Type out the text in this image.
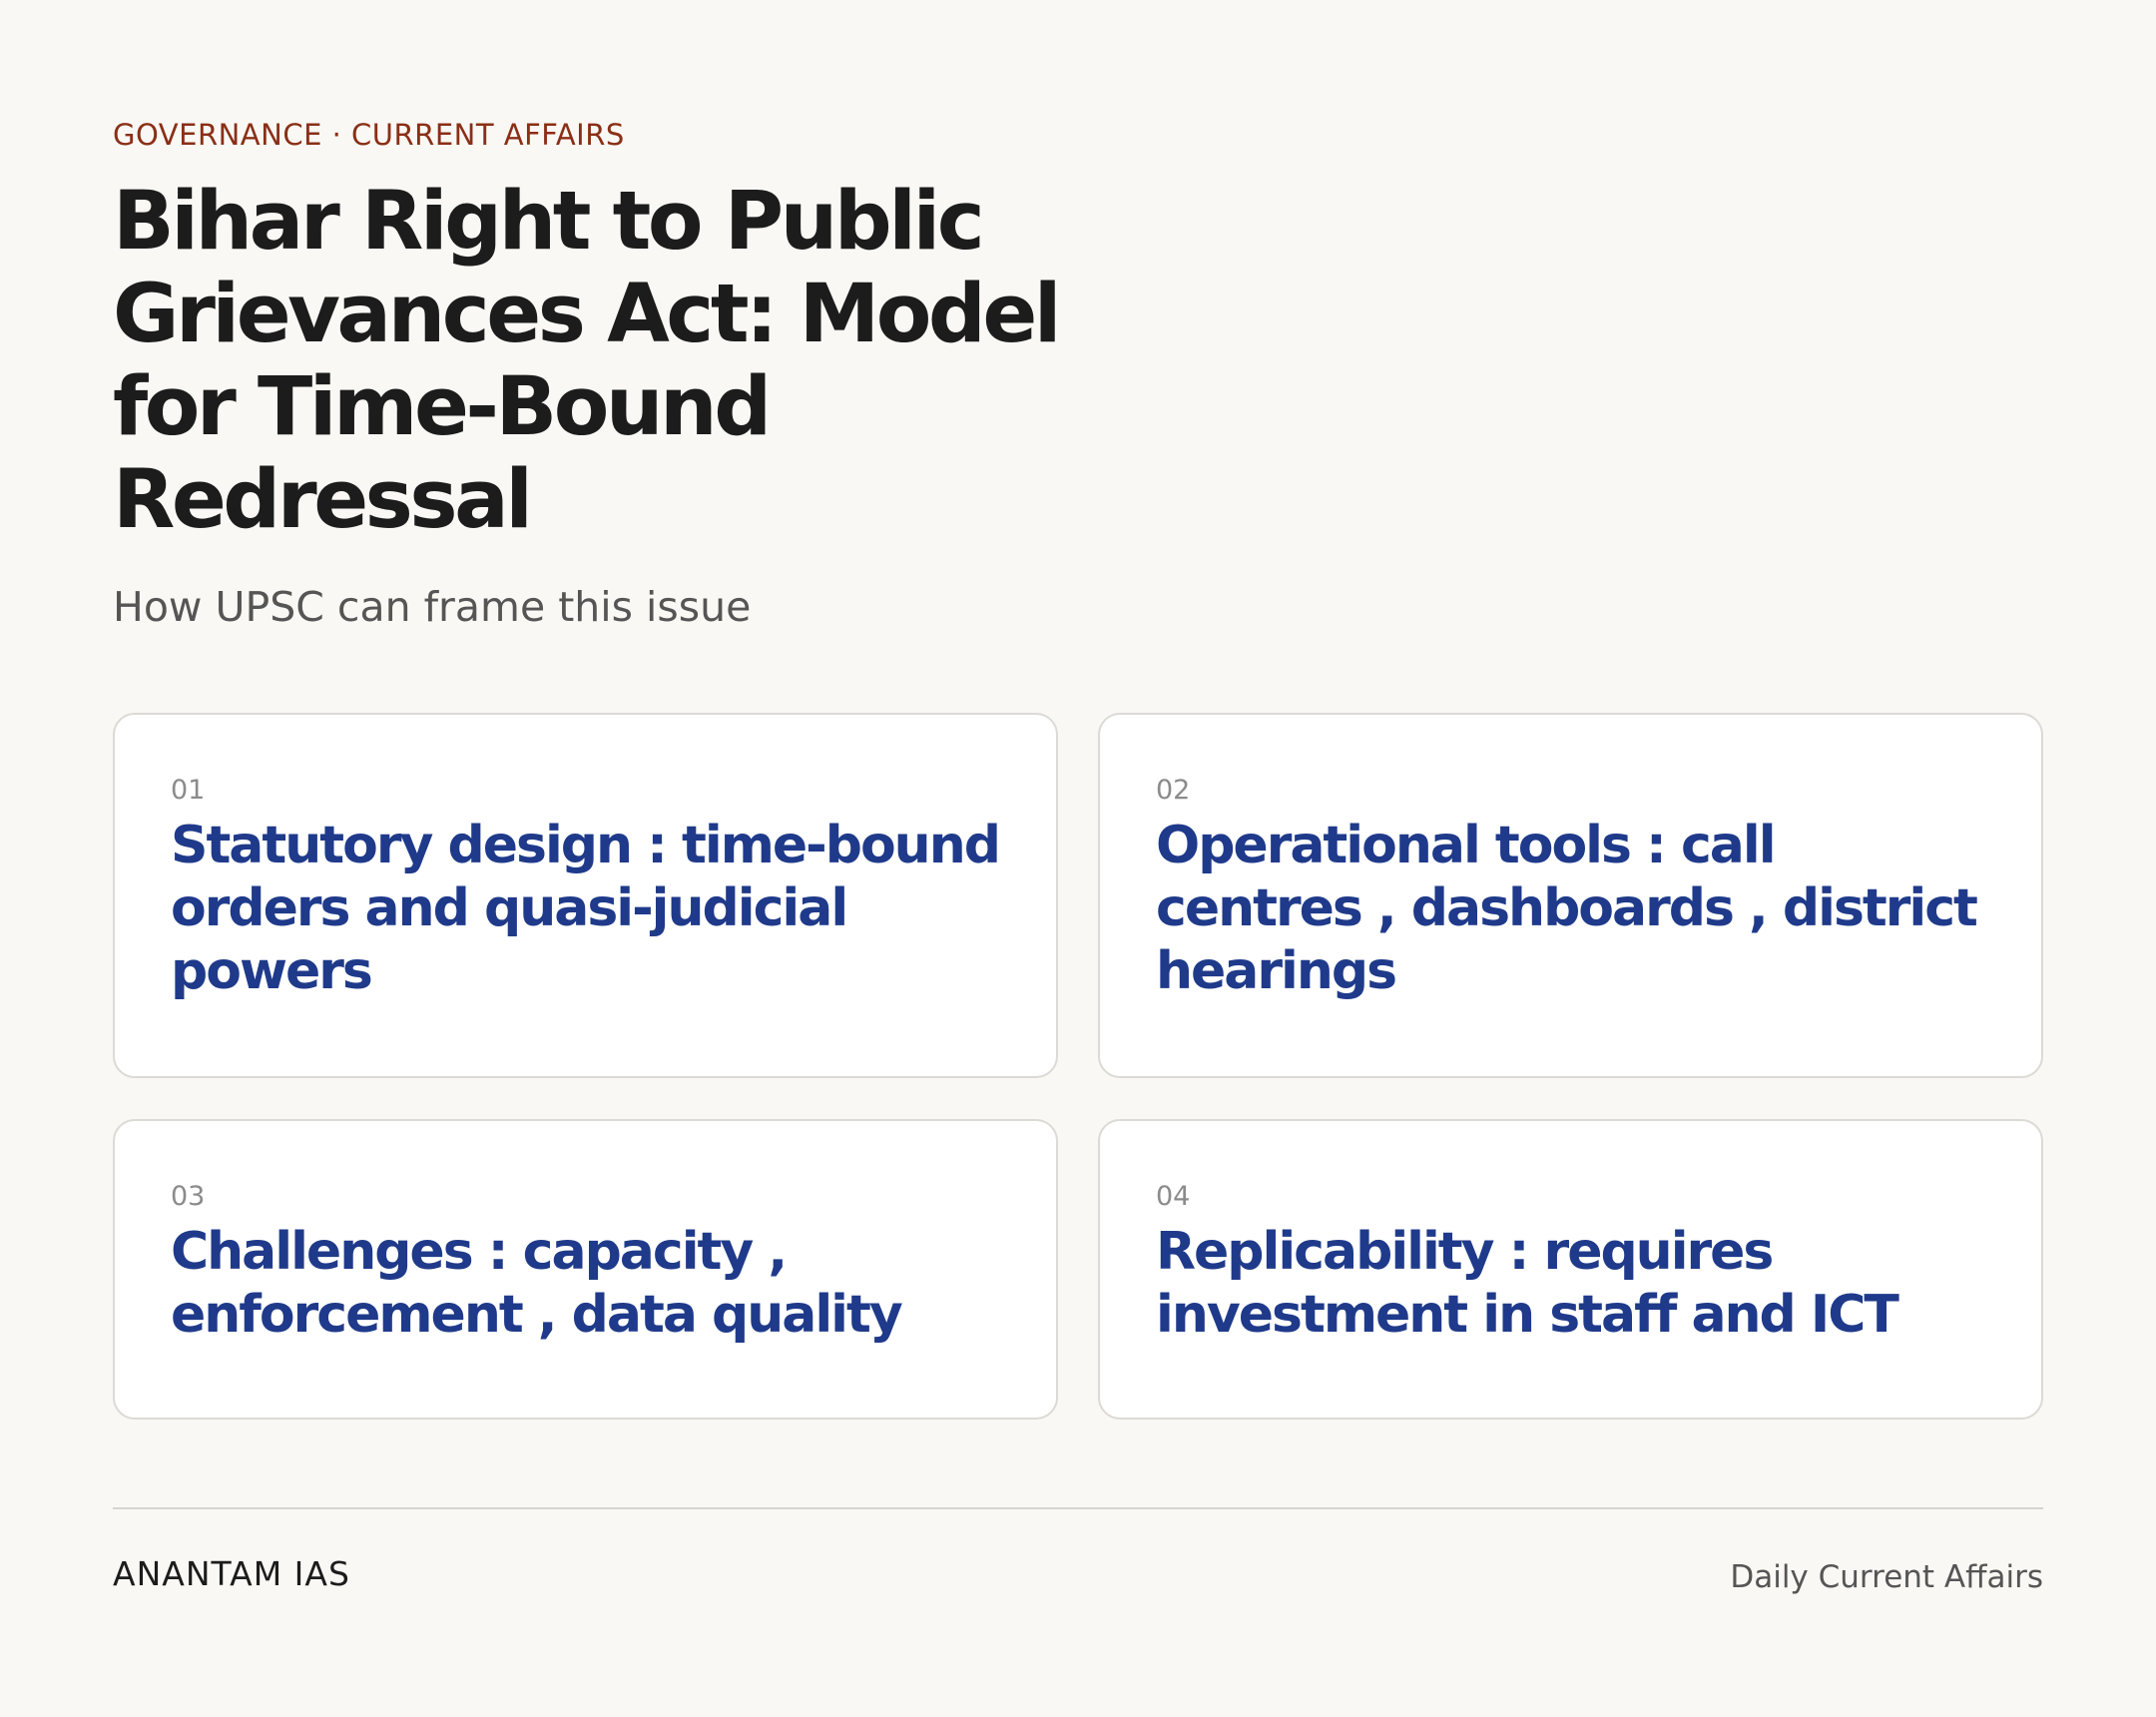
GOVERNANCE · CURRENT AFFAIRS
Bihar Right to Public Grievances Act: Model for Time-Bound Redressal
How UPSC can frame this issue
01

Statutory design : time-bound orders and quasi-judicial powers

02

Operational tools : call centres , dashboards , district hearings

03

Challenges : capacity , enforcement , data quality

04

Replicability : requires investment in staff and ICT

ANANTAM IAS	Daily Current Affairs
